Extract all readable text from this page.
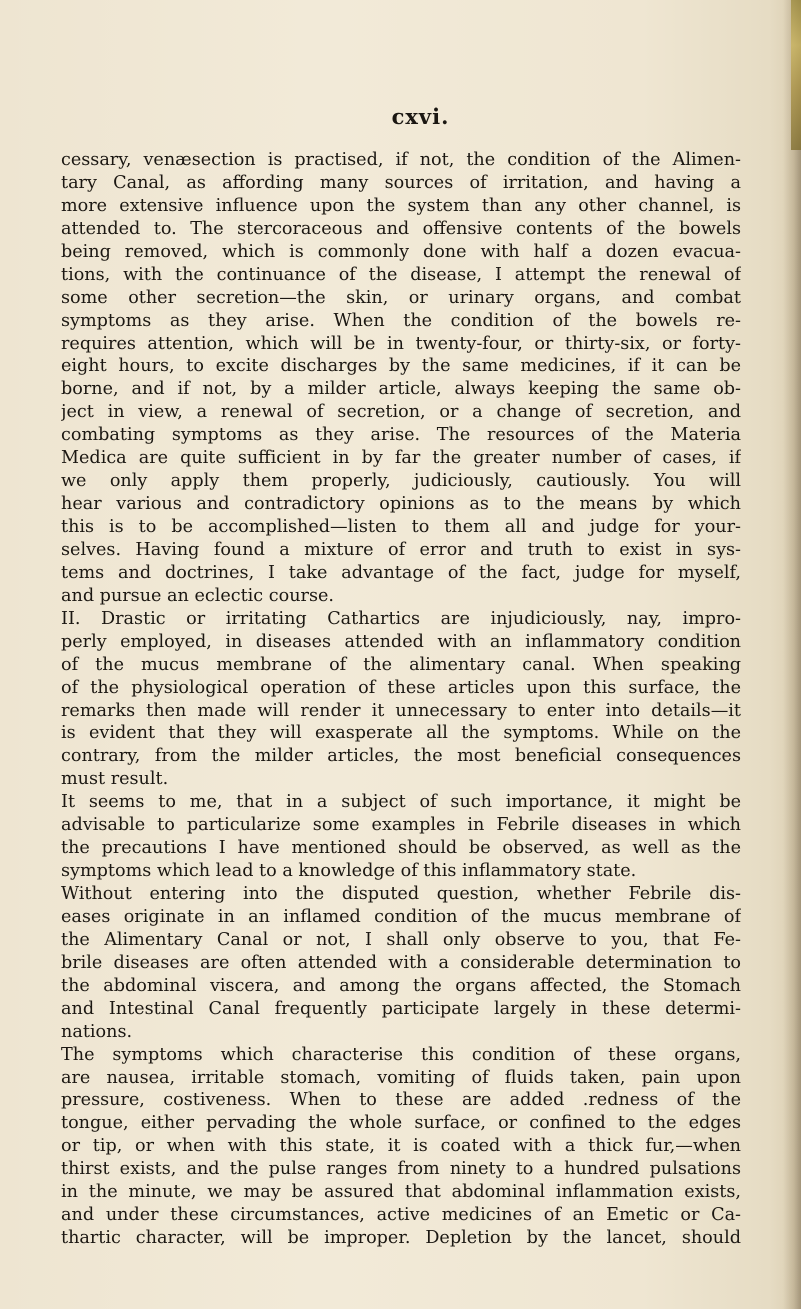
cxvi.
cessary, venæsection is practised, if not, the condition of the Alimen-
tary Canal, as affording many sources of irritation, and having a
more extensive influence upon the system than any other channel, is
attended to. The stercoraceous and offensive contents of the bowels
being removed, which is commonly done with half a dozen evacua-
tions, with the continuance of the disease, I attempt the renewal of
some other secretion—the skin, or urinary organs, and combat
symptoms as they arise. When the condition of the bowels re-
requires attention, which will be in twenty-four, or thirty-six, or forty-
eight hours, to excite discharges by the same medicines, if it can be
borne, and if not, by a milder article, always keeping the same ob-
ject in view, a renewal of secretion, or a change of secretion, and
combating symptoms as they arise. The resources of the Materia
Medica are quite sufficient in by far the greater number of cases, if
we only apply them properly, judiciously, cautiously. You will
hear various and contradictory opinions as to the means by which
this is to be accomplished—listen to them all and judge for your-
selves. Having found a mixture of error and truth to exist in sys-
tems and doctrines, I take advantage of the fact, judge for myself,
and pursue an eclectic course.
II. Drastic or irritating Cathartics are injudiciously, nay, impro-
perly employed, in diseases attended with an inflammatory condition
of the mucus membrane of the alimentary canal. When speaking
of the physiological operation of these articles upon this surface, the
remarks then made will render it unnecessary to enter into details—it
is evident that they will exasperate all the symptoms. While on the
contrary, from the milder articles, the most beneficial consequences
must result.
It seems to me, that in a subject of such importance, it might be
advisable to particularize some examples in Febrile diseases in which
the precautions I have mentioned should be observed, as well as the
symptoms which lead to a knowledge of this inflammatory state.
Without entering into the disputed question, whether Febrile dis-
eases originate in an inflamed condition of the mucus membrane of
the Alimentary Canal or not, I shall only observe to you, that Fe-
brile diseases are often attended with a considerable determination to
the abdominal viscera, and among the organs affected, the Stomach
and Intestinal Canal frequently participate largely in these determi-
nations.
The symptoms which characterise this condition of these organs,
are nausea, irritable stomach, vomiting of fluids taken, pain upon
pressure, costiveness. When to these are added .redness of the
tongue, either pervading the whole surface, or confined to the edges
or tip, or when with this state, it is coated with a thick fur,—when
thirst exists, and the pulse ranges from ninety to a hundred pulsations
in the minute, we may be assured that abdominal inflammation exists,
and under these circumstances, active medicines of an Emetic or Ca-
thartic character, will be improper. Depletion by the lancet, should
